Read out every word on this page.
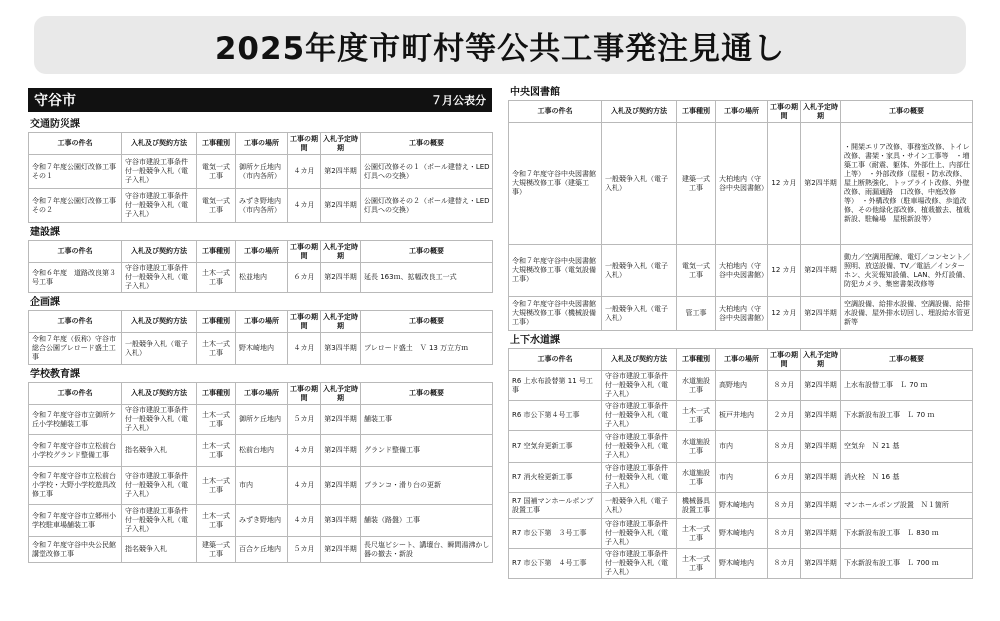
2025年度市町村等公共工事発注見通し
守谷市	７月公表分
交通防災課
工事の件名	入札及び契約方法	工事種別	工事の場所	工事の期間	入札予定時期	工事の概要
令和７年度公園灯改修工事その１	守谷市建設工事条件付一般競争入札（電子入札）	電気一式工事	御所ケ丘地内（市内各所）	４カ月	第2四半期	公園灯改修その１（ポール建替え・LED 灯具への交換）
令和７年度公園灯改修工事その２	守谷市建設工事条件付一般競争入札（電子入札）	電気一式工事	みずき野地内（市内各所）	４カ月	第2四半期	公園灯改修その２（ポール建替え・LED 灯具への交換）
建設課
工事の件名	入札及び契約方法	工事種別	工事の場所	工事の期間	入札予定時期	工事の概要
令和６年度　道路改良第３号工事	守谷市建設工事条件付一般競争入札（電子入札）	土木一式工事	松並地内	６カ月	第2四半期	延長 163ｍ、拡幅改良工一式
企画課
工事の件名	入札及び契約方法	工事種別	工事の場所	工事の期間	入札予定時期	工事の概要
令和７年度（仮称）守谷市総合公園ブレロード盛土工事	一般競争入札（電子入札）	土木一式工事	野木崎地内	４カ月	第3四半期	ブレロード盛土　Ｖ 13 万立方ｍ
学校教育課
工事の件名	入札及び契約方法	工事種別	工事の場所	工事の期間	入札予定時期	工事の概要
令和７年度守谷市立御所ケ丘小学校舗装工事	守谷市建設工事条件付一般競争入札（電子入札）	土木一式工事	御所ケ丘地内	５カ月	第2四半期	舗装工事
令和７年度守谷市立松前台小学校グランド整備工事	指名競争入札	土木一式工事	松前台地内	４カ月	第2四半期	グランド整備工事
令和７年度守谷市立松前台小学校・大野小学校遊具改修工事	守谷市建設工事条件付一般競争入札（電子入札）	土木一式工事	市内	４カ月	第2四半期	ブランコ・滑り台の更新
令和７年度守谷市立郷州小学校駐車場舗装工事	守谷市建設工事条件付一般競争入札（電子入札）	土木一式工事	みずき野地内	４カ月	第3四半期	舗装（路盤）工事
令和７年度守谷中央公民館講堂改修工事	指名競争入札	建築一式工事	百合ケ丘地内	５カ月	第2四半期	長尺塩ビシート、講壇台、瞬間湯沸かし器の撤去・新設
中央図書館
工事の件名	入札及び契約方法	工事種別	工事の場所	工事の期間	入札予定時期	工事の概要
令和７年度守谷中央図書館大規模改修工事（建築工事）	一般競争入札（電子入札）	建築一式工事	大柏地内（守谷中央図書館）	12 カ月	第2四半期	・開架エリア改修、事務室改修、トイレ改修、書架・家具・サイン工事等　・増築工事（耐震、躯体、外部仕上、内部仕上等）　・外部改修（屋根・防水改修、屋上断熱強化、トップライト改修、外壁改修、雨漏通路　口改修、中庭改修等）　・外構改修（駐車場改修、歩道改修、その他緑化部改修、植栽撤去、植栽新設、駐輪場　屋根新設等）
令和７年度守谷中央図書館大規模改修工事（電気設備工事）	一般競争入札（電子入札）	電気一式工事	大柏地内（守谷中央図書館）	12 カ月	第2四半期	動力／空調用配線、電灯／コンセント／照明、放送設備、TV／電話／インターホン、火災報知設備、LAN、外灯設備、防犯カメラ、集密書架改修等
令和７年度守谷中央図書館大規模改修工事（機械設備工事）	一般競争入札（電子入札）	管工事	大柏地内（守谷中央図書館）	12 カ月	第2四半期	空調設備、給排水設備、空調設備、給排水設備、屋外排水切回し、埋設給水管更新等
上下水道課
工事の件名	入札及び契約方法	工事種別	工事の場所	工事の期間	入札予定時期	工事の概要
R6 上水布設替第 11 号工事	守谷市建設工事条件付一般競争入札（電子入札）	水道施設工事	高野地内	８カ月	第2四半期	上水布設替工事　Ｌ 70 ｍ
R6 市公下第４号工事	守谷市建設工事条件付一般競争入札（電子入札）	土木一式工事	板戸井地内	２カ月	第2四半期	下水新設布設工事　Ｌ 70 ｍ
R7 空気弁更新工事	守谷市建設工事条件付一般競争入札（電子入札）	水道施設工事	市内	８カ月	第2四半期	空気弁　Ｎ 21 基
R7 消火栓更新工事	守谷市建設工事条件付一般競争入札（電子入札）	水道施設工事	市内	６カ月	第2四半期	消火栓　Ｎ 16 基
R7 国補マンホールポンプ設置工事	一般競争入札（電子入札）	機械器具設置工事	野木崎地内	８カ月	第2四半期	マンホールポンプ設置　Ｎ１箇所
R7 市公下第　３号工事	守谷市建設工事条件付一般競争入札（電子入札）	土木一式工事	野木崎地内	８カ月	第2四半期	下水新設布設工事　Ｌ 830 ｍ
R7 市公下第　４号工事	守谷市建設工事条件付一般競争入札（電子入札）	土木一式工事	野木崎地内	８カ月	第2四半期	下水新設布設工事　Ｌ 700 ｍ
